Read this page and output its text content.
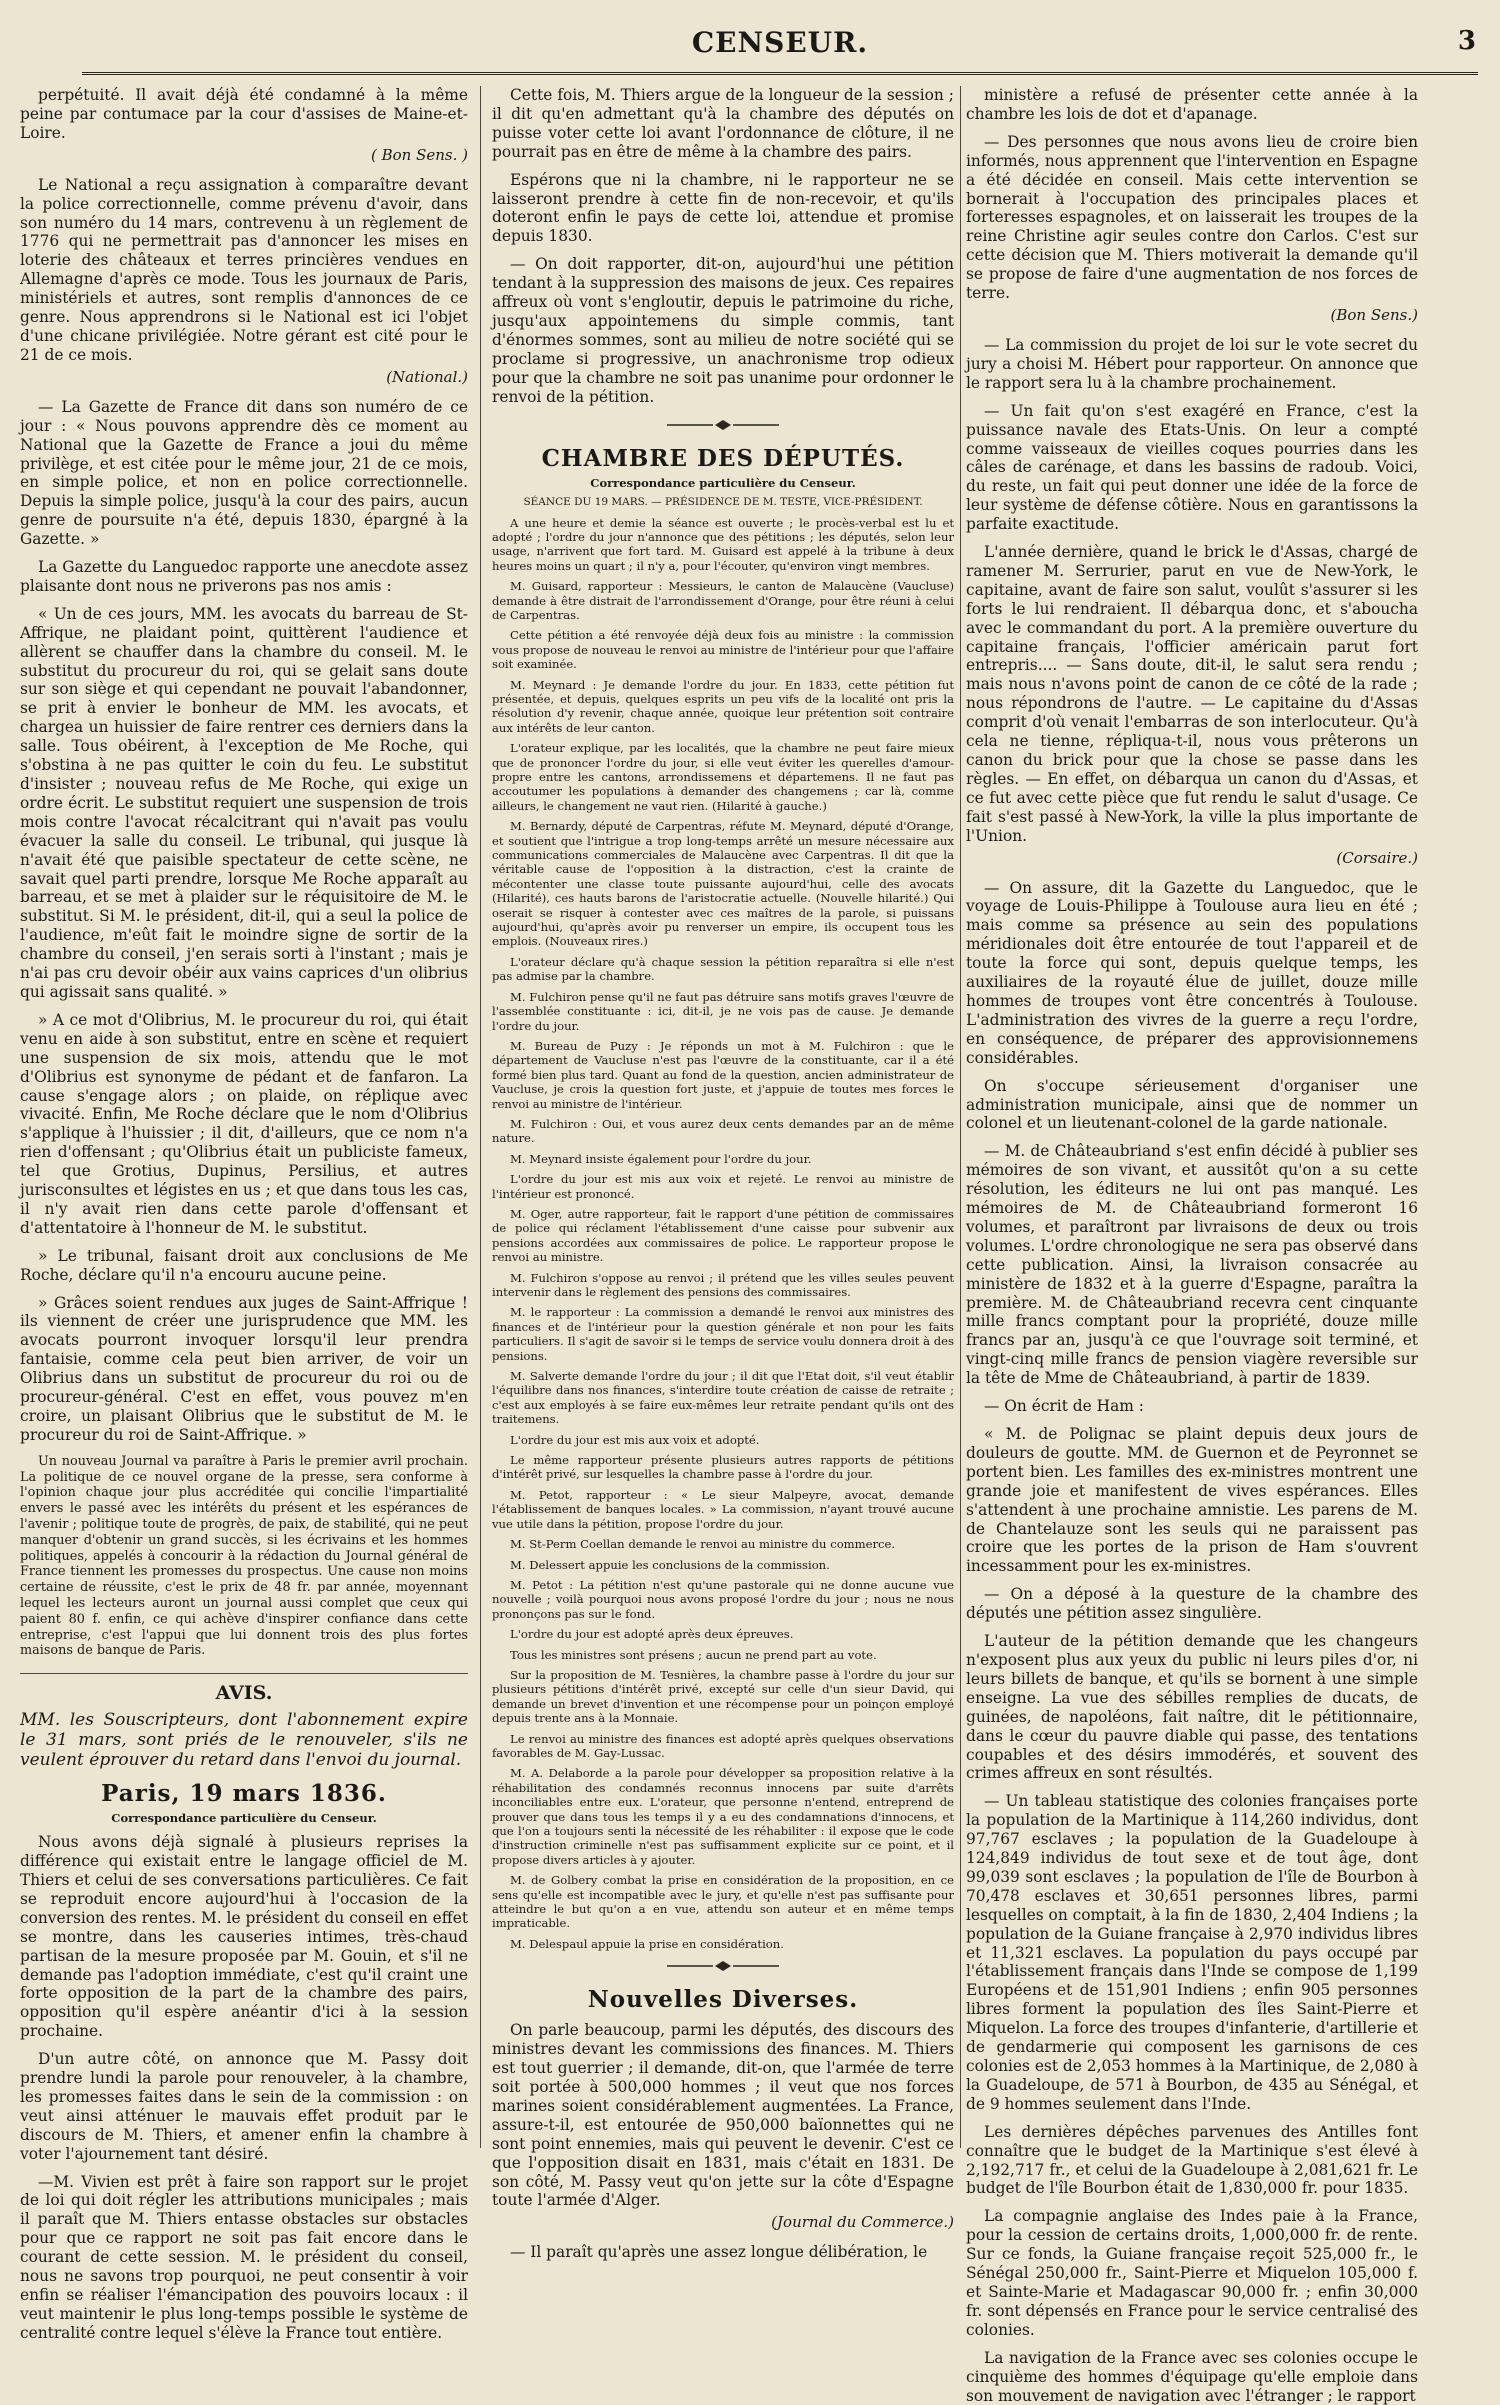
CENSEUR.	3

perpétuité. Il avait déjà été condamné à la même peine par contumace par la cour d'assises de Maine-et-Loire.

( Bon Sens. )

Le National a reçu assignation à comparaître devant la police correctionnelle, comme prévenu d'avoir, dans son numéro du 14 mars, contrevenu à un règlement de 1776 qui ne permettrait pas d'annoncer les mises en loterie des châteaux et terres princières vendues en Allemagne d'après ce mode. Tous les journaux de Paris, ministériels et autres, sont remplis d'annonces de ce genre. Nous apprendrons si le National est ici l'objet d'une chicane privilégiée. Notre gérant est cité pour le 21 de ce mois.

(National.)

— La Gazette de France dit dans son numéro de ce jour : « Nous pouvons apprendre dès ce moment au National que la Gazette de France a joui du même privilège, et est citée pour le même jour, 21 de ce mois, en simple police, et non en police correctionnelle. Depuis la simple police, jusqu'à la cour des pairs, aucun genre de poursuite n'a été, depuis 1830, épargné à la Gazette. »

La Gazette du Languedoc rapporte une anecdote assez plaisante dont nous ne priverons pas nos amis :

« Un de ces jours, MM. les avocats du barreau de St-Affrique, ne plaidant point, quittèrent l'audience et allèrent se chauffer dans la chambre du conseil. M. le substitut du procureur du roi, qui se gelait sans doute sur son siège et qui cependant ne pouvait l'abandonner, se prit à envier le bonheur de MM. les avocats, et chargea un huissier de faire rentrer ces derniers dans la salle. Tous obéirent, à l'exception de Me Roche, qui s'obstina à ne pas quitter le coin du feu. Le substitut d'insister ; nouveau refus de Me Roche, qui exige un ordre écrit. Le substitut requiert une suspension de trois mois contre l'avocat récalcitrant qui n'avait pas voulu évacuer la salle du conseil. Le tribunal, qui jusque là n'avait été que paisible spectateur de cette scène, ne savait quel parti prendre, lorsque Me Roche apparaît au barreau, et se met à plaider sur le réquisitoire de M. le substitut. Si M. le président, dit-il, qui a seul la police de l'audience, m'eût fait le moindre signe de sortir de la chambre du conseil, j'en serais sorti à l'instant ; mais je n'ai pas cru devoir obéir aux vains caprices d'un olibrius qui agissait sans qualité. »

» A ce mot d'Olibrius, M. le procureur du roi, qui était venu en aide à son substitut, entre en scène et requiert une suspension de six mois, attendu que le mot d'Olibrius est synonyme de pédant et de fanfaron. La cause s'engage alors ; on plaide, on réplique avec vivacité. Enfin, Me Roche déclare que le nom d'Olibrius s'applique à l'huissier ; il dit, d'ailleurs, que ce nom n'a rien d'offensant ; qu'Olibrius était un publiciste fameux, tel que Grotius, Dupinus, Persilius, et autres jurisconsultes et légistes en us ; et que dans tous les cas, il n'y avait rien dans cette parole d'offensant et d'attentatoire à l'honneur de M. le substitut.

» Le tribunal, faisant droit aux conclusions de Me Roche, déclare qu'il n'a encouru aucune peine.

» Grâces soient rendues aux juges de Saint-Affrique ! ils viennent de créer une jurisprudence que MM. les avocats pourront invoquer lorsqu'il leur prendra fantaisie, comme cela peut bien arriver, de voir un Olibrius dans un substitut de procureur du roi ou de procureur-général. C'est en effet, vous pouvez m'en croire, un plaisant Olibrius que le substitut de M. le procureur du roi de Saint-Affrique. »

Un nouveau Journal va paraître à Paris le premier avril prochain. La politique de ce nouvel organe de la presse, sera conforme à l'opinion chaque jour plus accréditée qui concilie l'impartialité envers le passé avec les intérêts du présent et les espérances de l'avenir ; politique toute de progrès, de paix, de stabilité, qui ne peut manquer d'obtenir un grand succès, si les écrivains et les hommes politiques, appelés à concourir à la rédaction du Journal général de France tiennent les promesses du prospectus. Une cause non moins certaine de réussite, c'est le prix de 48 fr. par année, moyennant lequel les lecteurs auront un journal aussi complet que ceux qui paient 80 f. enfin, ce qui achève d'inspirer confiance dans cette entreprise, c'est l'appui que lui donnent trois des plus fortes maisons de banque de Paris.

AVIS.
MM. les Souscripteurs, dont l'abonnement expire le 31 mars, sont priés de le renouveler, s'ils ne veulent éprouver du retard dans l'envoi du journal.
Paris, 19 mars 1836.
Correspondance particulière du Censeur.

Nous avons déjà signalé à plusieurs reprises la différence qui existait entre le langage officiel de M. Thiers et celui de ses conversations particulières. Ce fait se reproduit encore aujourd'hui à l'occasion de la conversion des rentes. M. le président du conseil en effet se montre, dans les causeries intimes, très-chaud partisan de la mesure proposée par M. Gouin, et s'il ne demande pas l'adoption immédiate, c'est qu'il craint une forte opposition de la part de la chambre des pairs, opposition qu'il espère anéantir d'ici à la session prochaine.

D'un autre côté, on annonce que M. Passy doit prendre lundi la parole pour renouveler, à la chambre, les promesses faites dans le sein de la commission : on veut ainsi atténuer le mauvais effet produit par le discours de M. Thiers, et amener enfin la chambre à voter l'ajournement tant désiré.

—M. Vivien est prêt à faire son rapport sur le projet de loi qui doit régler les attributions municipales ; mais il paraît que M. Thiers entasse obstacles sur obstacles pour que ce rapport ne soit pas fait encore dans le courant de cette session. M. le président du conseil, nous ne savons trop pourquoi, ne peut consentir à voir enfin se réaliser l'émancipation des pouvoirs locaux : il veut maintenir le plus long-temps possible le système de centralité contre lequel s'élève la France tout entière.

Cette fois, M. Thiers argue de la longueur de la session ; il dit qu'en admettant qu'à la chambre des députés on puisse voter cette loi avant l'ordonnance de clôture, il ne pourrait pas en être de même à la chambre des pairs.

Espérons que ni la chambre, ni le rapporteur ne se laisseront prendre à cette fin de non-recevoir, et qu'ils doteront enfin le pays de cette loi, attendue et promise depuis 1830.

— On doit rapporter, dit-on, aujourd'hui une pétition tendant à la suppression des maisons de jeux. Ces repaires affreux où vont s'engloutir, depuis le patrimoine du riche, jusqu'aux appointemens du simple commis, tant d'énormes sommes, sont au milieu de notre société qui se proclame si progressive, un anachronisme trop odieux pour que la chambre ne soit pas unanime pour ordonner le renvoi de la pétition.

CHAMBRE DES DÉPUTÉS.
Correspondance particulière du Censeur.
SÉANCE DU 19 MARS. — PRÉSIDENCE DE M. TESTE, VICE-PRÉSIDENT.

A une heure et demie la séance est ouverte ; le procès-verbal est lu et adopté ; l'ordre du jour n'annonce que des pétitions ; les députés, selon leur usage, n'arrivent que fort tard. M. Guisard est appelé à la tribune à deux heures moins un quart ; il n'y a, pour l'écouter, qu'environ vingt membres.

M. Guisard, rapporteur : Messieurs, le canton de Malaucène (Vaucluse) demande à être distrait de l'arrondissement d'Orange, pour être réuni à celui de Carpentras.

Cette pétition a été renvoyée déjà deux fois au ministre : la commission vous propose de nouveau le renvoi au ministre de l'intérieur pour que l'affaire soit examinée.

M. Meynard : Je demande l'ordre du jour. En 1833, cette pétition fut présentée, et depuis, quelques esprits un peu vifs de la localité ont pris la résolution d'y revenir, chaque année, quoique leur prétention soit contraire aux intérêts de leur canton.

L'orateur explique, par les localités, que la chambre ne peut faire mieux que de prononcer l'ordre du jour, si elle veut éviter les querelles d'amour-propre entre les cantons, arrondissemens et départemens. Il ne faut pas accoutumer les populations à demander des changemens ; car là, comme ailleurs, le changement ne vaut rien. (Hilarité à gauche.)

M. Bernardy, député de Carpentras, réfute M. Meynard, député d'Orange, et soutient que l'intrigue a trop long-temps arrêté un mesure nécessaire aux communications commerciales de Malaucène avec Carpentras. Il dit que la véritable cause de l'opposition à la distraction, c'est la crainte de mécontenter une classe toute puissante aujourd'hui, celle des avocats (Hilarité), ces hauts barons de l'aristocratie actuelle. (Nouvelle hilarité.) Qui oserait se risquer à contester avec ces maîtres de la parole, si puissans aujourd'hui, qu'après avoir pu renverser un empire, ils occupent tous les emplois. (Nouveaux rires.)

L'orateur déclare qu'à chaque session la pétition reparaîtra si elle n'est pas admise par la chambre.

M. Fulchiron pense qu'il ne faut pas détruire sans motifs graves l'œuvre de l'assemblée constituante : ici, dit-il, je ne vois pas de cause. Je demande l'ordre du jour.

M. Bureau de Puzy : Je réponds un mot à M. Fulchiron : que le département de Vaucluse n'est pas l'œuvre de la constituante, car il a été formé bien plus tard. Quant au fond de la question, ancien administrateur de Vaucluse, je crois la question fort juste, et j'appuie de toutes mes forces le renvoi au ministre de l'intérieur.

M. Fulchiron : Oui, et vous aurez deux cents demandes par an de même nature.

M. Meynard insiste également pour l'ordre du jour.

L'ordre du jour est mis aux voix et rejeté. Le renvoi au ministre de l'intérieur est prononcé.

M. Oger, autre rapporteur, fait le rapport d'une pétition de commissaires de police qui réclament l'établissement d'une caisse pour subvenir aux pensions accordées aux commissaires de police. Le rapporteur propose le renvoi au ministre.

M. Fulchiron s'oppose au renvoi ; il prétend que les villes seules peuvent intervenir dans le règlement des pensions des commissaires.

M. le rapporteur : La commission a demandé le renvoi aux ministres des finances et de l'intérieur pour la question générale et non pour les faits particuliers. Il s'agit de savoir si le temps de service voulu donnera droit à des pensions.

M. Salverte demande l'ordre du jour ; il dit que l'Etat doit, s'il veut établir l'équilibre dans nos finances, s'interdire toute création de caisse de retraite ; c'est aux employés à se faire eux-mêmes leur retraite pendant qu'ils ont des traitemens.

L'ordre du jour est mis aux voix et adopté.

Le même rapporteur présente plusieurs autres rapports de pétitions d'intérêt privé, sur lesquelles la chambre passe à l'ordre du jour.

M. Petot, rapporteur : « Le sieur Malpeyre, avocat, demande l'établissement de banques locales. » La commission, n'ayant trouvé aucune vue utile dans la pétition, propose l'ordre du jour.

M. St-Perm Coellan demande le renvoi au ministre du commerce.

M. Delessert appuie les conclusions de la commission.

M. Petot : La pétition n'est qu'une pastorale qui ne donne aucune vue nouvelle ; voilà pourquoi nous avons proposé l'ordre du jour ; nous ne nous prononçons pas sur le fond.

L'ordre du jour est adopté après deux épreuves.

Tous les ministres sont présens ; aucun ne prend part au vote.

Sur la proposition de M. Tesnières, la chambre passe à l'ordre du jour sur plusieurs pétitions d'intérêt privé, excepté sur celle d'un sieur David, qui demande un brevet d'invention et une récompense pour un poinçon employé depuis trente ans à la Monnaie.

Le renvoi au ministre des finances est adopté après quelques observations favorables de M. Gay-Lussac.

M. A. Delaborde a la parole pour développer sa proposition relative à la réhabilitation des condamnés reconnus innocens par suite d'arrêts inconciliables entre eux. L'orateur, que personne n'entend, entreprend de prouver que dans tous les temps il y a eu des condamnations d'innocens, et que l'on a toujours senti la nécessité de les réhabiliter : il expose que le code d'instruction criminelle n'est pas suffisamment explicite sur ce point, et il propose divers articles à y ajouter.

M. de Golbery combat la prise en considération de la proposition, en ce sens qu'elle est incompatible avec le jury, et qu'elle n'est pas suffisante pour atteindre le but qu'on a en vue, attendu son auteur et en même temps impraticable.

M. Delespaul appuie la prise en considération.

Nouvelles Diverses.

On parle beaucoup, parmi les députés, des discours des ministres devant les commissions des finances. M. Thiers est tout guerrier ; il demande, dit-on, que l'armée de terre soit portée à 500,000 hommes ; il veut que nos forces marines soient considérablement augmentées. La France, assure-t-il, est entourée de 950,000 baïonnettes qui ne sont point ennemies, mais qui peuvent le devenir. C'est ce que l'opposition disait en 1831, mais c'était en 1831. De son côté, M. Passy veut qu'on jette sur la côte d'Espagne toute l'armée d'Alger.

(Journal du Commerce.)

— Il paraît qu'après une assez longue délibération, le

ministère a refusé de présenter cette année à la chambre les lois de dot et d'apanage.

— Des personnes que nous avons lieu de croire bien informés, nous apprennent que l'intervention en Espagne a été décidée en conseil. Mais cette intervention se bornerait à l'occupation des principales places et forteresses espagnoles, et on laisserait les troupes de la reine Christine agir seules contre don Carlos. C'est sur cette décision que M. Thiers motiverait la demande qu'il se propose de faire d'une augmentation de nos forces de terre.

(Bon Sens.)

— La commission du projet de loi sur le vote secret du jury a choisi M. Hébert pour rapporteur. On annonce que le rapport sera lu à la chambre prochainement.

— Un fait qu'on s'est exagéré en France, c'est la puissance navale des Etats-Unis. On leur a compté comme vaisseaux de vieilles coques pourries dans les câles de carénage, et dans les bassins de radoub. Voici, du reste, un fait qui peut donner une idée de la force de leur système de défense côtière. Nous en garantissons la parfaite exactitude.

L'année dernière, quand le brick le d'Assas, chargé de ramener M. Serrurier, parut en vue de New-York, le capitaine, avant de faire son salut, voulût s'assurer si les forts le lui rendraient. Il débarqua donc, et s'aboucha avec le commandant du port. A la première ouverture du capitaine français, l'officier américain parut fort entrepris.... — Sans doute, dit-il, le salut sera rendu ; mais nous n'avons point de canon de ce côté de la rade ; nous répondrons de l'autre. — Le capitaine du d'Assas comprit d'où venait l'embarras de son interlocuteur. Qu'à cela ne tienne, répliqua-t-il, nous vous prêterons un canon du brick pour que la chose se passe dans les règles. — En effet, on débarqua un canon du d'Assas, et ce fut avec cette pièce que fut rendu le salut d'usage. Ce fait s'est passé à New-York, la ville la plus importante de l'Union.

(Corsaire.)

— On assure, dit la Gazette du Languedoc, que le voyage de Louis-Philippe à Toulouse aura lieu en été ; mais comme sa présence au sein des populations méridionales doit être entourée de tout l'appareil et de toute la force qui sont, depuis quelque temps, les auxiliaires de la royauté élue de juillet, douze mille hommes de troupes vont être concentrés à Toulouse. L'administration des vivres de la guerre a reçu l'ordre, en conséquence, de préparer des approvisionnemens considérables.

On s'occupe sérieusement d'organiser une administration municipale, ainsi que de nommer un colonel et un lieutenant-colonel de la garde nationale.

— M. de Châteaubriand s'est enfin décidé à publier ses mémoires de son vivant, et aussitôt qu'on a su cette résolution, les éditeurs ne lui ont pas manqué. Les mémoires de M. de Châteaubriand formeront 16 volumes, et paraîtront par livraisons de deux ou trois volumes. L'ordre chronologique ne sera pas observé dans cette publication. Ainsi, la livraison consacrée au ministère de 1832 et à la guerre d'Espagne, paraîtra la première. M. de Châteaubriand recevra cent cinquante mille francs comptant pour la propriété, douze mille francs par an, jusqu'à ce que l'ouvrage soit terminé, et vingt-cinq mille francs de pension viagère reversible sur la tête de Mme de Châteaubriand, à partir de 1839.

— On écrit de Ham :

« M. de Polignac se plaint depuis deux jours de douleurs de goutte. MM. de Guernon et de Peyronnet se portent bien. Les familles des ex-ministres montrent une grande joie et manifestent de vives espérances. Elles s'attendent à une prochaine amnistie. Les parens de M. de Chantelauze sont les seuls qui ne paraissent pas croire que les portes de la prison de Ham s'ouvrent incessamment pour les ex-ministres.

— On a déposé à la questure de la chambre des députés une pétition assez singulière.

L'auteur de la pétition demande que les changeurs n'exposent plus aux yeux du public ni leurs piles d'or, ni leurs billets de banque, et qu'ils se bornent à une simple enseigne. La vue des sébilles remplies de ducats, de guinées, de napoléons, fait naître, dit le pétitionnaire, dans le cœur du pauvre diable qui passe, des tentations coupables et des désirs immodérés, et souvent des crimes affreux en sont résultés.

— Un tableau statistique des colonies françaises porte la population de la Martinique à 114,260 individus, dont 97,767 esclaves ; la population de la Guadeloupe à 124,849 individus de tout sexe et de tout âge, dont 99,039 sont esclaves ; la population de l'île de Bourbon à 70,478 esclaves et 30,651 personnes libres, parmi lesquelles on comptait, à la fin de 1830, 2,404 Indiens ; la population de la Guiane française à 2,970 individus libres et 11,321 esclaves. La population du pays occupé par l'établissement français dans l'Inde se compose de 1,199 Européens et de 151,901 Indiens ; enfin 905 personnes libres forment la population des îles Saint-Pierre et Miquelon. La force des troupes d'infanterie, d'artillerie et de gendarmerie qui composent les garnisons de ces colonies est de 2,053 hommes à la Martinique, de 2,080 à la Guadeloupe, de 571 à Bourbon, de 435 au Sénégal, et de 9 hommes seulement dans l'Inde.

Les dernières dépêches parvenues des Antilles font connaître que le budget de la Martinique s'est élevé à 2,192,717 fr., et celui de la Guadeloupe à 2,081,621 fr. Le budget de l'île Bourbon était de 1,830,000 fr. pour 1835.

La compagnie anglaise des Indes paie à la France, pour la cession de certains droits, 1,000,000 fr. de rente. Sur ce fonds, la Guiane française reçoit 525,000 fr., le Sénégal 250,000 fr., Saint-Pierre et Miquelon 105,000 f. et Sainte-Marie et Madagascar 90,000 fr. ; enfin 30,000 fr. sont dépensés en France pour le service centralisé des colonies.

La navigation de la France avec ses colonies occupe le cinquième des hommes d'équipage qu'elle emploie dans son mouvement de navigation avec l'étranger ; le rapport
